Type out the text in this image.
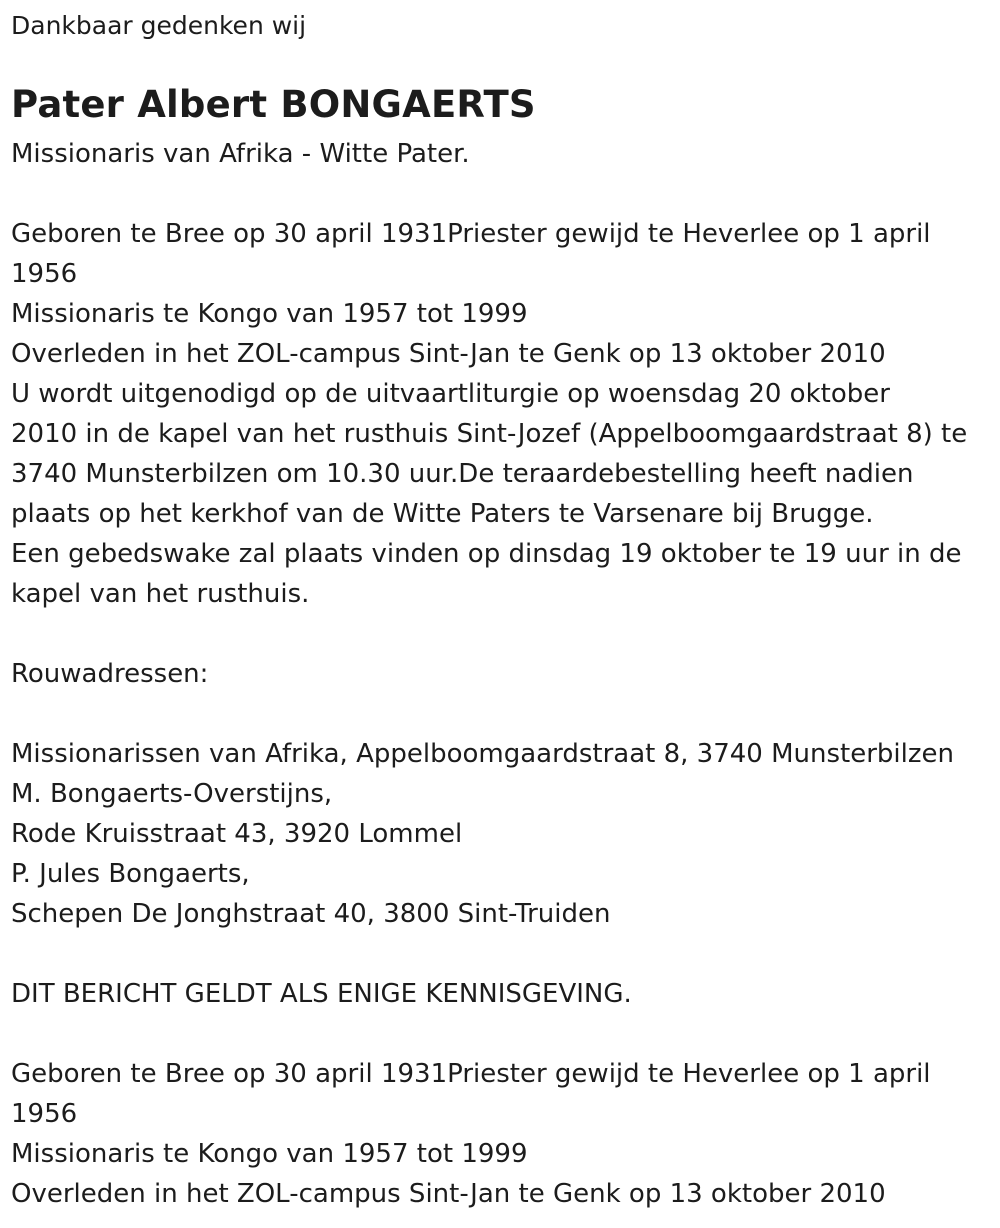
Dankbaar gedenken wij
Pater Albert BONGAERTS
Missionaris van Afrika - Witte Pater.
Geboren te Bree op 30 april 1931Priester gewijd te Heverlee op 1 april
1956
Missionaris te Kongo van 1957 tot 1999
Overleden in het ZOL-campus Sint-Jan te Genk op 13 oktober 2010
U wordt uitgenodigd op de uitvaartliturgie op woensdag 20 oktober
2010 in de kapel van het rusthuis Sint-Jozef (Appelboomgaardstraat 8) te
3740 Munsterbilzen om 10.30 uur.De teraardebestelling heeft nadien
plaats op het kerkhof van de Witte Paters te Varsenare bij Brugge.
Een gebedswake zal plaats vinden op dinsdag 19 oktober te 19 uur in de
kapel van het rusthuis.
Rouwadressen:
Missionarissen van Afrika, Appelboomgaardstraat 8, 3740 Munsterbilzen
M. Bongaerts-Overstijns,
Rode Kruisstraat 43, 3920 Lommel
P. Jules Bongaerts,
Schepen De Jonghstraat 40, 3800 Sint-Truiden
DIT BERICHT GELDT ALS ENIGE KENNISGEVING.
Geboren te Bree op 30 april 1931Priester gewijd te Heverlee op 1 april
1956
Missionaris te Kongo van 1957 tot 1999
Overleden in het ZOL-campus Sint-Jan te Genk op 13 oktober 2010
